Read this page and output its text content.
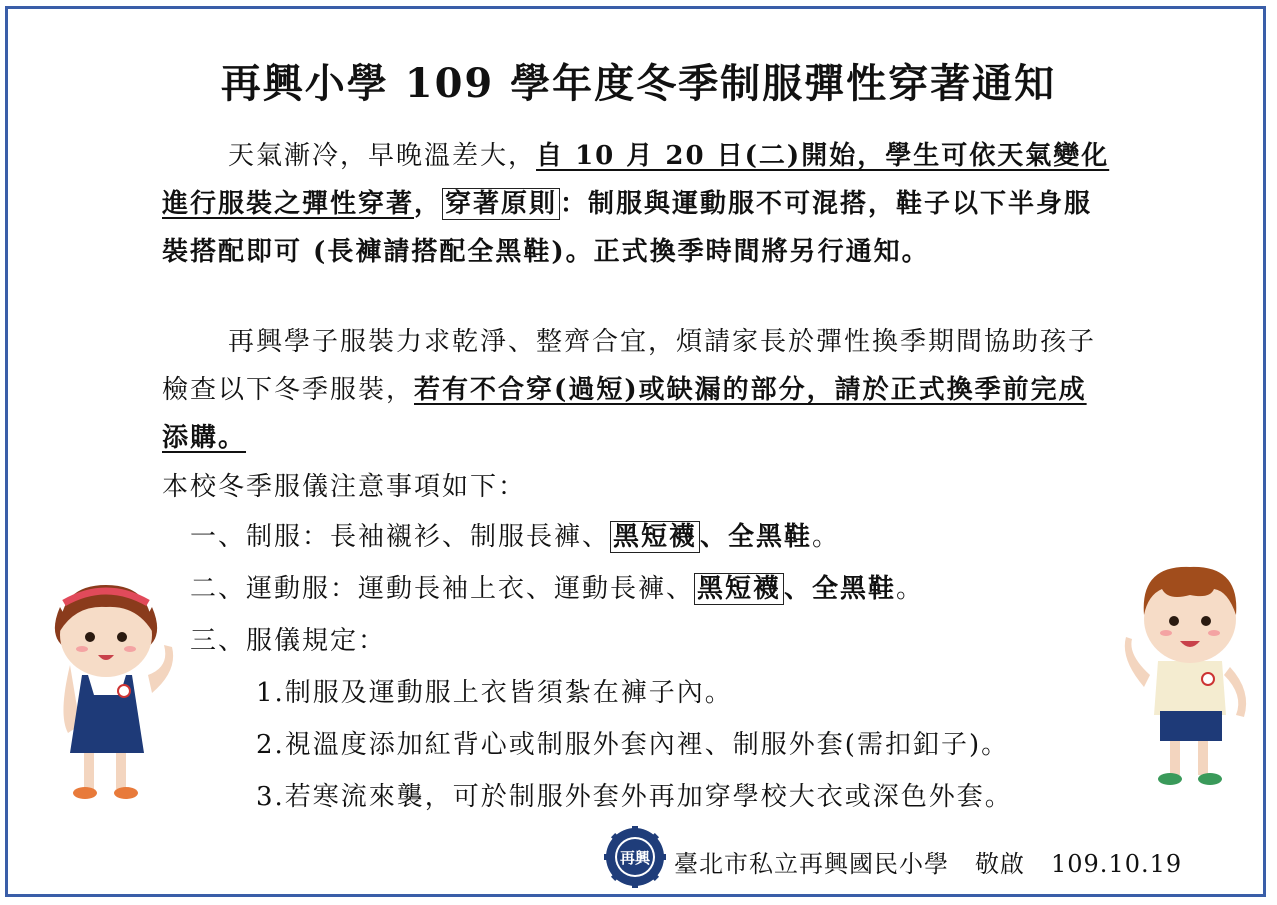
再興小學 109 學年度冬季制服彈性穿著通知
天氣漸冷，早晚溫差大，自 10 月 20 日(二)開始，學生可依天氣變化進行服裝之彈性穿著， 穿著原則 ：制服與運動服不可混搭，鞋子以下半身服裝搭配即可 (長褲請搭配全黑鞋)。正式換季時間將另行通知。
再興學子服裝力求乾淨、整齊合宜，煩請家長於彈性換季期間協助孩子檢查以下冬季服裝，若有不合穿(過短)或缺漏的部分，請於正式換季前完成添購。
本校冬季服儀注意事項如下：
一、制服：長袖襯衫、制服長褲、 黑短襪 、全黑鞋。
二、運動服：運動長袖上衣、運動長褲、 黑短襪 、全黑鞋。
三、服儀規定：
1.制服及運動服上衣皆須紮在褲子內。
2.視溫度添加紅背心或制服外套內裡、制服外套(需扣釦子)。
3.若寒流來襲，可於制服外套外再加穿學校大衣或深色外套。
再興 臺北市私立再興國民小學 敬啟 109.10.19
